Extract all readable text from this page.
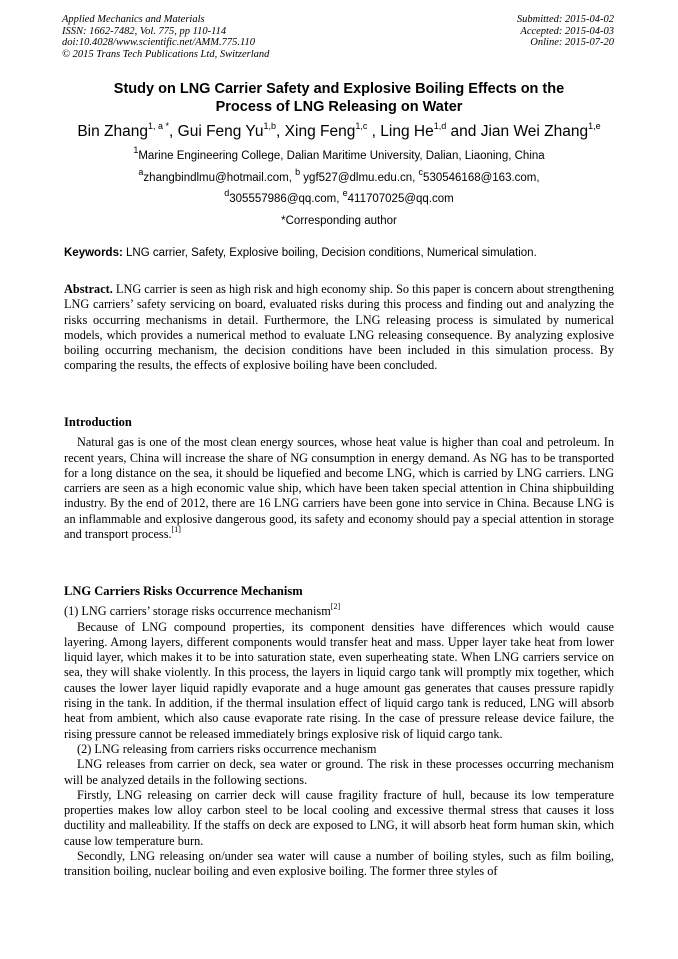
Applied Mechanics and Materials
ISSN: 1662-7482, Vol. 775, pp 110-114
doi:10.4028/www.scientific.net/AMM.775.110
© 2015 Trans Tech Publications Ltd, Switzerland
Submitted: 2015-04-02
Accepted: 2015-04-03
Online: 2015-07-20
Study on LNG Carrier Safety and Explosive Boiling Effects on the
Process of LNG Releasing on Water
Bin Zhang$^{1, a *}$, Gui Feng Yu$^{1,b}$, Xing Feng$^{1,c}$ , Ling He$^{1,d}$ and Jian Wei Zhang$^{1,e}$
$^1$Marine Engineering College, Dalian Maritime University, Dalian, Liaoning, China
$^a$zhangbindlmu@hotmail.com, $^b$ ygf527@dlmu.edu.cn, $^c$530546168@163.com,
$^d$305557986@qq.com, $^e$411707025@qq.com
*Corresponding author
Keywords: LNG carrier, Safety, Explosive boiling, Decision conditions, Numerical simulation.

Abstract. LNG carrier is seen as high risk and high economy ship. So this paper is concern about strengthening LNG carriers’ safety servicing on board, evaluated risks during this process and finding out and analyzing the risks occurring mechanisms in detail. Furthermore, the LNG releasing process is simulated by numerical models, which provides a numerical method to evaluate LNG releasing consequence. By analyzing explosive boiling occurring mechanism, the decision conditions have been included in this simulation process. By comparing the results, the effects of explosive boiling have been concluded.

Introduction

Natural gas is one of the most clean energy sources, whose heat value is higher than coal and petroleum. In recent years, China will increase the share of NG consumption in energy demand. As NG has to be transported for a long distance on the sea, it should be liquefied and become LNG, which is carried by LNG carriers. LNG carriers are seen as a high economic value ship, which have been taken special attention in China shipbuilding industry. By the end of 2012, there are 16 LNG carriers have been gone into service in China. Because LNG is an inflammable and explosive dangerous good, its safety and economy should pay a special attention in storage and transport process.[1]

LNG Carriers Risks Occurrence Mechanism

(1) LNG carriers’ storage risks occurrence mechanism[2]

Because of LNG compound properties, its component densities have differences which would cause layering. Among layers, different components would transfer heat and mass. Upper layer take heat from lower liquid layer, which makes it to be into saturation state, even superheating state. When LNG carriers service on sea, they will shake violently. In this process, the layers in liquid cargo tank will promptly mix together, which causes the lower layer liquid rapidly evaporate and a huge amount gas generates that causes pressure rapidly rising in the tank. In addition, if the thermal insulation effect of liquid cargo tank is reduced, LNG will absorb heat from ambient, which also cause evaporate rate rising. In the case of pressure release device failure, the rising pressure cannot be released immediately brings explosive risk of liquid cargo tank.

(2) LNG releasing from carriers risks occurrence mechanism

LNG releases from carrier on deck, sea water or ground. The risk in these processes occurring mechanism will be analyzed details in the following sections.

Firstly, LNG releasing on carrier deck will cause fragility fracture of hull, because its low temperature properties makes low alloy carbon steel to be local cooling and excessive thermal stress that causes it loss ductility and malleability. If the staffs on deck are exposed to LNG, it will absorb heat form human skin, which cause low temperature burn.

Secondly, LNG releasing on/under sea water will cause a number of boiling styles, such as film boiling, transition boiling, nuclear boiling and even explosive boiling. The former three styles of
